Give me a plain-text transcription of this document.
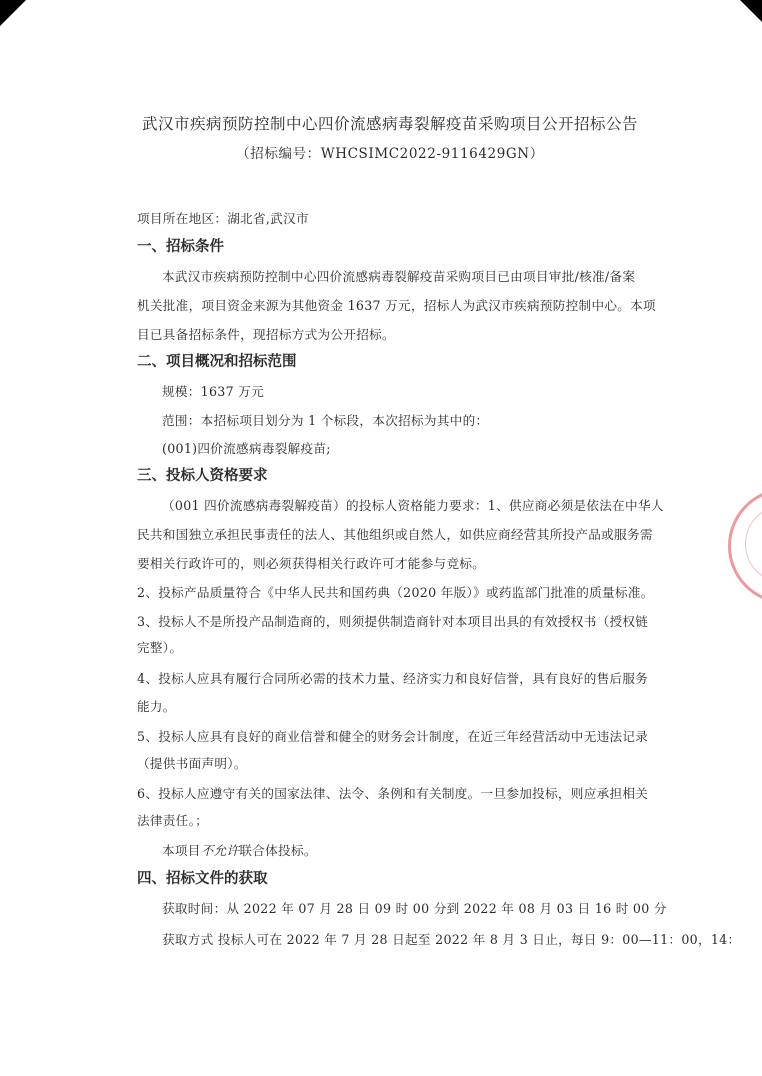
武汉市疾病预防控制中心四价流感病毒裂解疫苗采购项目公开招标公告
（招标编号：WHCSIMC2022-9116429GN）
项目所在地区：湖北省,武汉市
一、招标条件
本武汉市疾病预防控制中心四价流感病毒裂解疫苗采购项目已由项目审批/核准/备案
机关批准，项目资金来源为其他资金 1637 万元，招标人为武汉市疾病预防控制中心。本项
目已具备招标条件，现招标方式为公开招标。
二、项目概况和招标范围
规模：1637 万元
范围：本招标项目划分为 1 个标段，本次招标为其中的：
(001)四价流感病毒裂解疫苗;
三、投标人资格要求
（001 四价流感病毒裂解疫苗）的投标人资格能力要求：1、供应商必须是依法在中华人
民共和国独立承担民事责任的法人、其他组织或自然人，如供应商经营其所投产品或服务需
要相关行政许可的，则必须获得相关行政许可才能参与竞标。
2、投标产品质量符合《中华人民共和国药典（2020 年版）》或药监部门批准的质量标准。
3、投标人不是所投产品制造商的，则须提供制造商针对本项目出具的有效授权书（授权链
完整）。
4、投标人应具有履行合同所必需的技术力量、经济实力和良好信誉，具有良好的售后服务
能力。
5、投标人应具有良好的商业信誉和健全的财务会计制度，在近三年经营活动中无违法记录
（提供书面声明）。
6、投标人应遵守有关的国家法律、法令、条例和有关制度。一旦参加投标，则应承担相关
法律责任。；
本项目不允许联合体投标。
四、招标文件的获取
获取时间：从 2022 年 07 月 28 日 09 时 00 分到 2022 年 08 月 03 日 16 时 00 分
获取方式 投标人可在 2022 年 7 月 28 日起至 2022 年 8 月 3 日止，每日 9：00—11：00，14：
